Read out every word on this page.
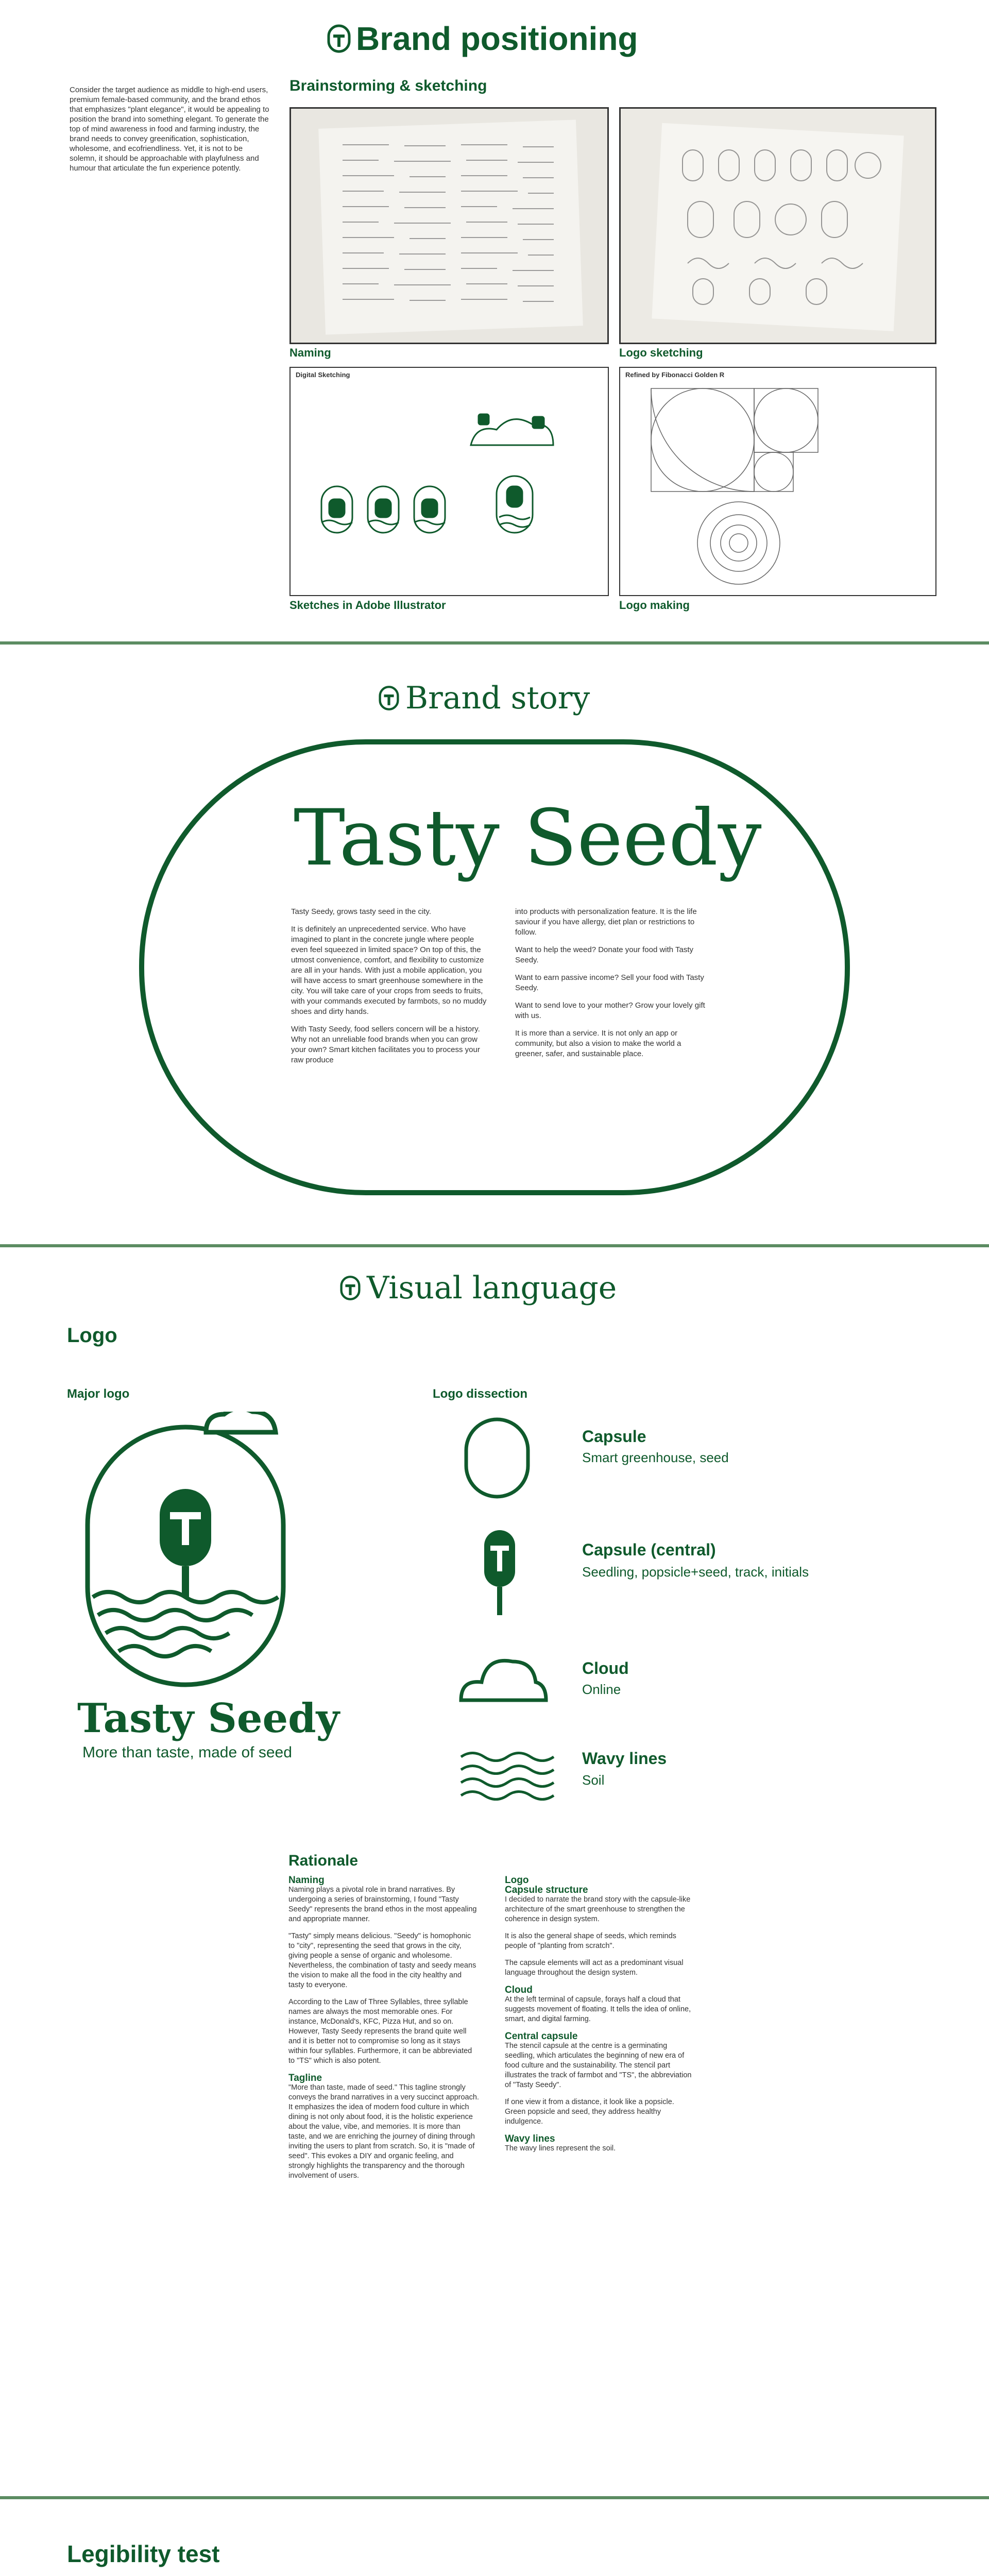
Brand positioning
Consider the target audience as middle to high-end users, premium female-based community, and the brand ethos that emphasizes "plant elegance", it would be appealing to position the brand into something elegant. To generate the top of mind awareness in food and farming industry, the brand needs to convey greenification, sophistication, wholesome, and ecofriendliness. Yet, it is not to be solemn, it should be approachable with playfulness and humour that articulate the fun experience potently.
Brainstorming & sketching
Naming	Logo sketching
Digital Sketching
Sketches in Adobe Illustrator
Refined by Fibonacci Golden R
Logo making
Brand story
Tasty Seedy

Tasty Seedy, grows tasty seed in the city.

It is definitely an unprecedented service. Who have imagined to plant in the concrete jungle where people even feel squeezed in limited space? On top of this, the utmost convenience, comfort, and flexibility to customize are all in your hands. With just a mobile application, you will have access to smart greenhouse somewhere in the city. You will take care of your crops from seeds to fruits, with your commands executed by farmbots, so no muddy shoes and dirty hands.

With Tasty Seedy, food sellers concern will be a history. Why not an unreliable food brands when you can grow your own? Smart kitchen facilitates you to process your raw produce

into products with personalization feature. It is the life saviour if you have allergy, diet plan or restrictions to follow.

Want to help the weed? Donate your food with Tasty Seedy.

Want to earn passive income? Sell your food with Tasty Seedy.

Want to send love to your mother? Grow your lovely gift with us.

It is more than a service. It is not only an app or community, but also a vision to make the world a greener, safer, and sustainable place.

Visual language
Logo
Major logo	Logo dissection
Tasty Seedy
More than taste, made of seed
Capsule
Smart greenhouse, seed
Capsule (central)
Seedling, popsicle+seed, track, initials
Cloud
Online
Wavy lines
Soil
Rationale
Naming

Naming plays a pivotal role in brand narratives. By undergoing a series of brainstorming, I found "Tasty Seedy" represents the brand ethos in the most appealing and appropriate manner.

"Tasty" simply means delicious. "Seedy" is homophonic to "city", representing the seed that grows in the city, giving people a sense of organic and wholesome. Nevertheless, the combination of tasty and seedy means the vision to make all the food in the city healthy and tasty to everyone.

According to the Law of Three Syllables, three syllable names are always the most memorable ones. For instance, McDonald's, KFC, Pizza Hut, and so on. However, Tasty Seedy represents the brand quite well and it is better not to compromise so long as it stays within four syllables. Furthermore, it can be abbreviated to "TS" which is also potent.

Tagline

"More than taste, made of seed." This tagline strongly conveys the brand narratives in a very succinct approach. It emphasizes the idea of modern food culture in which dining is not only about food, it is the holistic experience about the value, vibe, and memories. It is more than taste, and we are enriching the journey of dining through inviting the users to plant from scratch. So, it is "made of seed". This evokes a DIY and organic feeling, and strongly highlights the transparency and the thorough involvement of users.

Logo
Capsule structure

I decided to narrate the brand story with the capsule-like architecture of the smart greenhouse to strengthen the coherence in design system.

It is also the general shape of seeds, which reminds people of "planting from scratch".

The capsule elements will act as a predominant visual language throughout the design system.

Cloud

At the left terminal of capsule, forays half a cloud that suggests movement of floating. It tells the idea of online, smart, and digital farming.

Central capsule

The stencil capsule at the centre is a germinating seedling, which articulates the beginning of new era of food culture and the sustainability. The stencil part illustrates the track of farmbot and "TS", the abbreviation of "Tasty Seedy".

If one view it from a distance, it look like a popsicle. Green popsicle and seed, they address healthy indulgence.

Wavy lines

The wavy lines represent the soil.

Legibility test
